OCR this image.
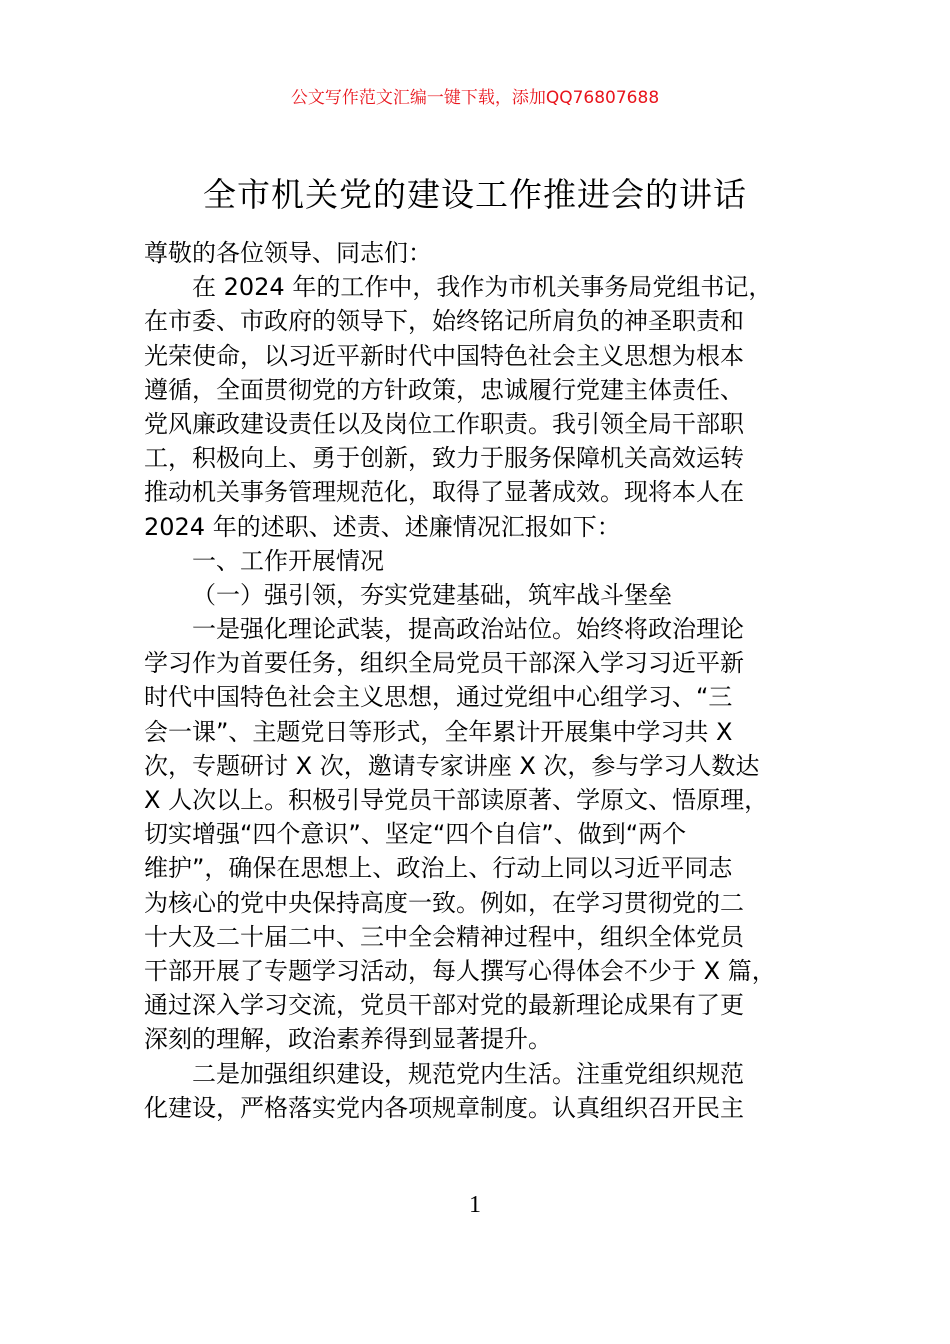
公文写作范文汇编一键下载，添加QQ76807688
全市机关党的建设工作推进会的讲话
尊敬的各位领导、同志们：
在 2024 年的工作中，我作为市机关事务局党组书记，
在市委、市政府的领导下，始终铭记所肩负的神圣职责和
光荣使命，以习近平新时代中国特色社会主义思想为根本
遵循，全面贯彻党的方针政策，忠诚履行党建主体责任、
党风廉政建设责任以及岗位工作职责。我引领全局干部职
工，积极向上、勇于创新，致力于服务保障机关高效运转
推动机关事务管理规范化，取得了显著成效。现将本人在
2024 年的述职、述责、述廉情况汇报如下：
一、工作开展情况
（一）强引领，夯实党建基础，筑牢战斗堡垒
一是强化理论武装，提高政治站位。始终将政治理论
学习作为首要任务，组织全局党员干部深入学习习近平新
时代中国特色社会主义思想，通过党组中心组学习、“三
会一课”、主题党日等形式，全年累计开展集中学习共 X
次，专题研讨 X 次，邀请专家讲座 X 次，参与学习人数达
X 人次以上。积极引导党员干部读原著、学原文、悟原理，
切实增强“四个意识”、坚定“四个自信”、做到“两个
维护”，确保在思想上、政治上、行动上同以习近平同志
为核心的党中央保持高度一致。例如，在学习贯彻党的二
十大及二十届二中、三中全会精神过程中，组织全体党员
干部开展了专题学习活动，每人撰写心得体会不少于 X 篇，
通过深入学习交流，党员干部对党的最新理论成果有了更
深刻的理解，政治素养得到显著提升。
二是加强组织建设，规范党内生活。注重党组织规范
化建设，严格落实党内各项规章制度。认真组织召开民主
1
